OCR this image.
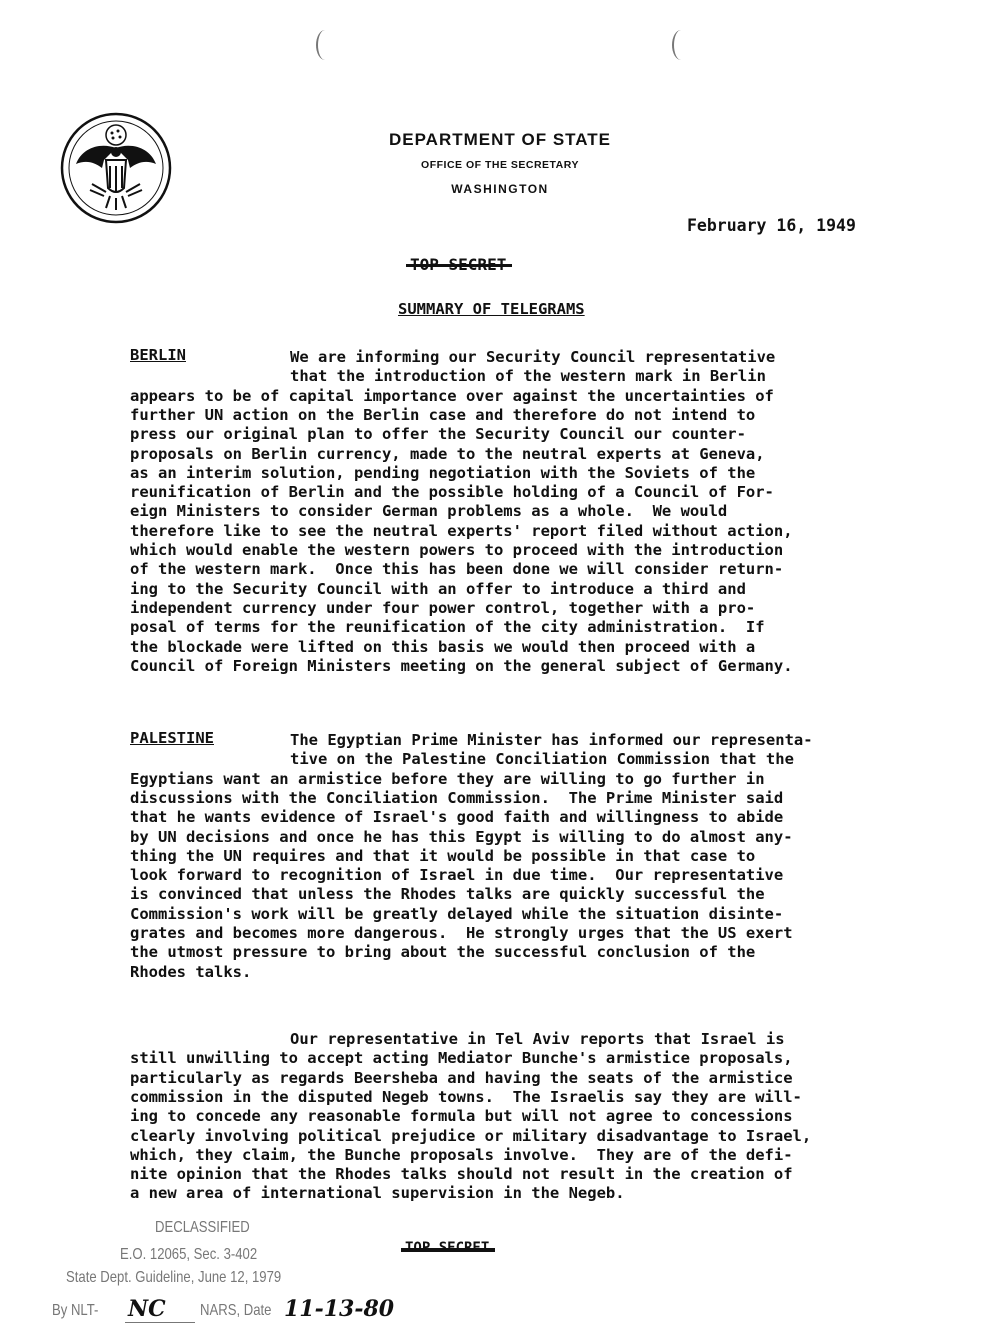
DEPARTMENT OF STATE
OFFICE OF THE SECRETARY
WASHINGTON
February 16, 1949
SUMMARY OF TELEGRAMS
BERLIN
PALESTINE
We are informing our Security Council representative
that the introduction of the western mark in Berlin
appears to be of capital importance over against the uncertainties of
further UN action on the Berlin case and therefore do not intend to
press our original plan to offer the Security Council our counter-
proposals on Berlin currency, made to the neutral experts at Geneva,
as an interim solution, pending negotiation with the Soviets of the
reunification of Berlin and the possible holding of a Council of For-
eign Ministers to consider German problems as a whole.  We would
therefore like to see the neutral experts' report filed without action,
which would enable the western powers to proceed with the introduction
of the western mark.  Once this has been done we will consider return-
ing to the Security Council with an offer to introduce a third and
independent currency under four power control, together with a pro-
posal of terms for the reunification of the city administration.  If
the blockade were lifted on this basis we would then proceed with a
Council of Foreign Ministers meeting on the general subject of Germany.
The Egyptian Prime Minister has informed our representa-
tive on the Palestine Conciliation Commission that the
Egyptians want an armistice before they are willing to go further in
discussions with the Conciliation Commission.  The Prime Minister said
that he wants evidence of Israel's good faith and willingness to abide
by UN decisions and once he has this Egypt is willing to do almost any-
thing the UN requires and that it would be possible in that case to
look forward to recognition of Israel in due time.  Our representative
is convinced that unless the Rhodes talks are quickly successful the
Commission's work will be greatly delayed while the situation disinte-
grates and becomes more dangerous.  He strongly urges that the US exert
the utmost pressure to bring about the successful conclusion of the
Rhodes talks.
Our representative in Tel Aviv reports that Israel is
still unwilling to accept acting Mediator Bunche's armistice proposals,
particularly as regards Beersheba and having the seats of the armistice
commission in the disputed Negeb towns.  The Israelis say they are will-
ing to concede any reasonable formula but will not agree to concessions
clearly involving political prejudice or military disadvantage to Israel,
which, they claim, the Bunche proposals involve.  They are of the defi-
nite opinion that the Rhodes talks should not result in the creation of
a new area of international supervision in the Negeb.
DECLASSIFIED
E.O. 12065, Sec. 3-402
State Dept. Guideline, June 12, 1979
By NLT- NC NARS, Date 11-13-80
